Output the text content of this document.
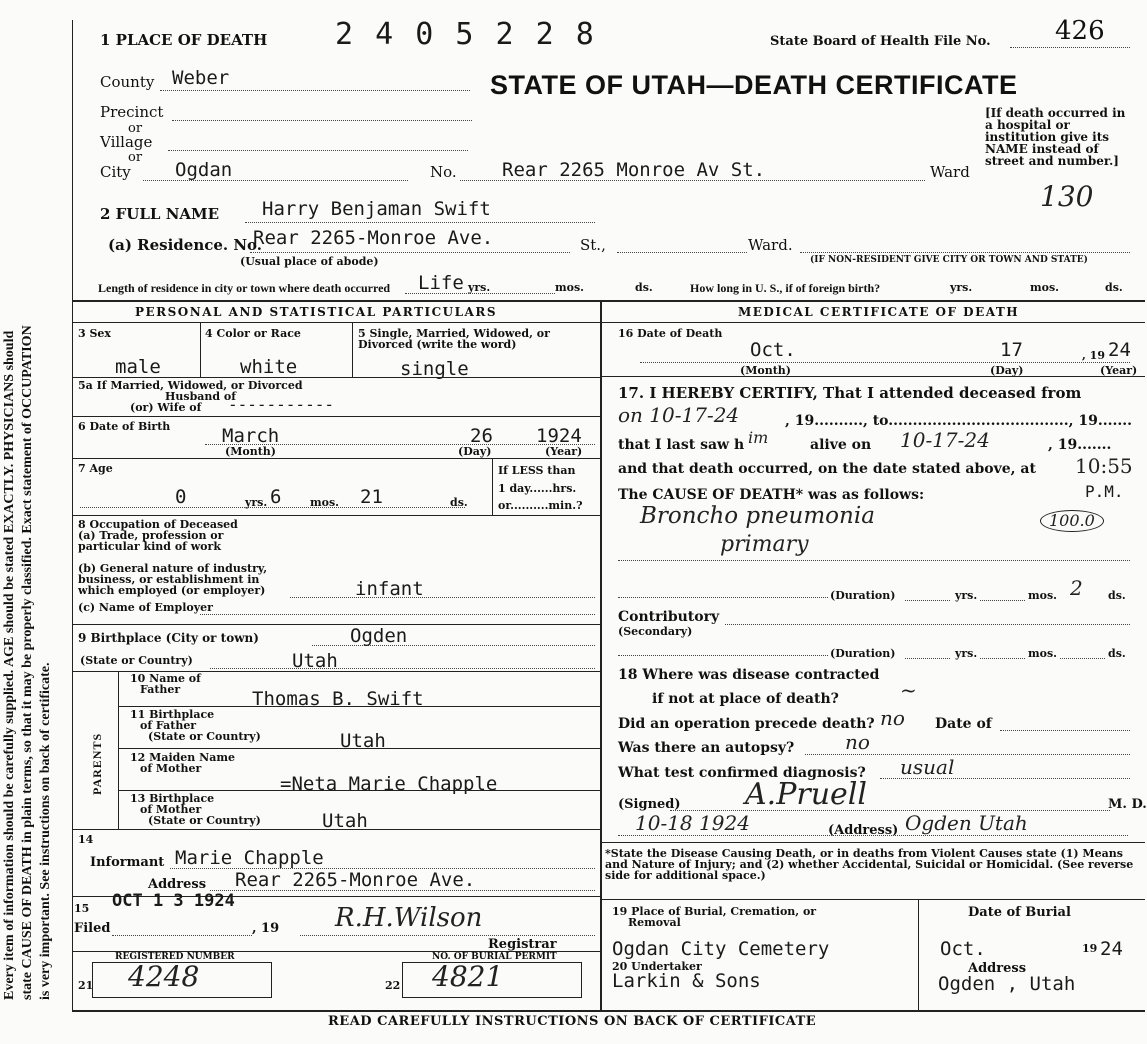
Every item of information should be carefully supplied. AGE should be stated EXACTLY. PHYSICIANS should state CAUSE OF DEATH in plain terms, so that it may be properly classified. Exact statement of OCCUPATION is very important. See instructions on back of certificate.
1 PLACE OF DEATH 2 4 0 5 2 2 8	State Board of Health File No. 426
County Weber	STATE OF UTAH—DEATH CERTIFICATE
Precinct
or
Village
or
[If death occurred in a hospital or institution give its NAME instead of street and number.]
City Ogdan	No. Rear 2265 Monroe Av St.	Ward
130
2 FULL NAME Harry Benjaman Swift
(a) Residence. No.
Rear 2265-Monroe Ave.	St.,	Ward.
(Usual place of abode)	(IF NON-RESIDENT GIVE CITY OR TOWN AND STATE)
Length of residence in city or town where death occurred Life yrs.	mos.	ds.	How long in U. S., if of foreign birth?	yrs.	mos.	ds.
PERSONAL AND STATISTICAL PARTICULARS
3 Sex
male
4 Color or Race
white
5 Single, Married, Widowed, or Divorced (write the word)
single
5a If Married, Widowed, or Divorced
Husband of
(or) Wife of -----------
6 Date of Birth	March	26 1924
(Month)	(Day)	(Year)
7 Age
0	yrs. 6	mos. 21	ds.
If LESS than
1 day......hrs.
or..........min.?
8 Occupation of Deceased
(a) Trade, profession or
particular kind of work
(b) General nature of industry,
business, or establishment in
which employed (or employer)	infant
(c) Name of Employer
9 Birthplace (City or town)	Ogden
(State or Country)	Utah
PARENTS
10 Name of
Father	Thomas B. Swift
11 Birthplace
of Father
(State or Country)	Utah
12 Maiden Name
of Mother
=Neta Marie Chapple
13 Birthplace
of Mother
(State or Country)	Utah
14
Informant Marie Chapple
Address Rear 2265-Monroe Ave.
15 OCT 1 3 1924
Filed	, 19 R.H.Wilson
Registrar
REGISTERED NUMBER
21 4248
NO. OF BURIAL PERMIT
22 4821
MEDICAL CERTIFICATE OF DEATH
16 Date of Death
Oct.	17	, 19 24
(Month)	(Day)	(Year)
17. I HEREBY CERTIFY, That I attended deceased from
on 10-17-24	, 19.........., to....................................., 19.......
that I last saw h im	alive on 10-17-24	, 19.......
and that death occurred, on the date stated above, at 10:55
The CAUSE OF DEATH* was as follows:	P.M.
Broncho pneumonia	100.0
primary
(Duration)	yrs.	mos. 2 ds.
Contributory
(Secondary)
(Duration)	yrs.	mos.	ds.
18 Where was disease contracted
if not at place of death?	~
Did an operation precede death? no Date of
Was there an autopsy?	no
What test confirmed diagnosis? usual
(Signed) A.Pruell	M. D.
10-18 1924	(Address) Ogden Utah
*State the Disease Causing Death, or in deaths from Violent Causes state (1) Means and Nature of Injury; and (2) whether Accidental, Suicidal or Homicidal. (See reverse side for additional space.)
19 Place of Burial, Cremation, or
Removal
Ogdan City Cemetery
Date of Burial
Oct.	19 24
20 Undertaker
Larkin & Sons
Address
Ogden , Utah
READ CAREFULLY INSTRUCTIONS ON BACK OF CERTIFICATE
